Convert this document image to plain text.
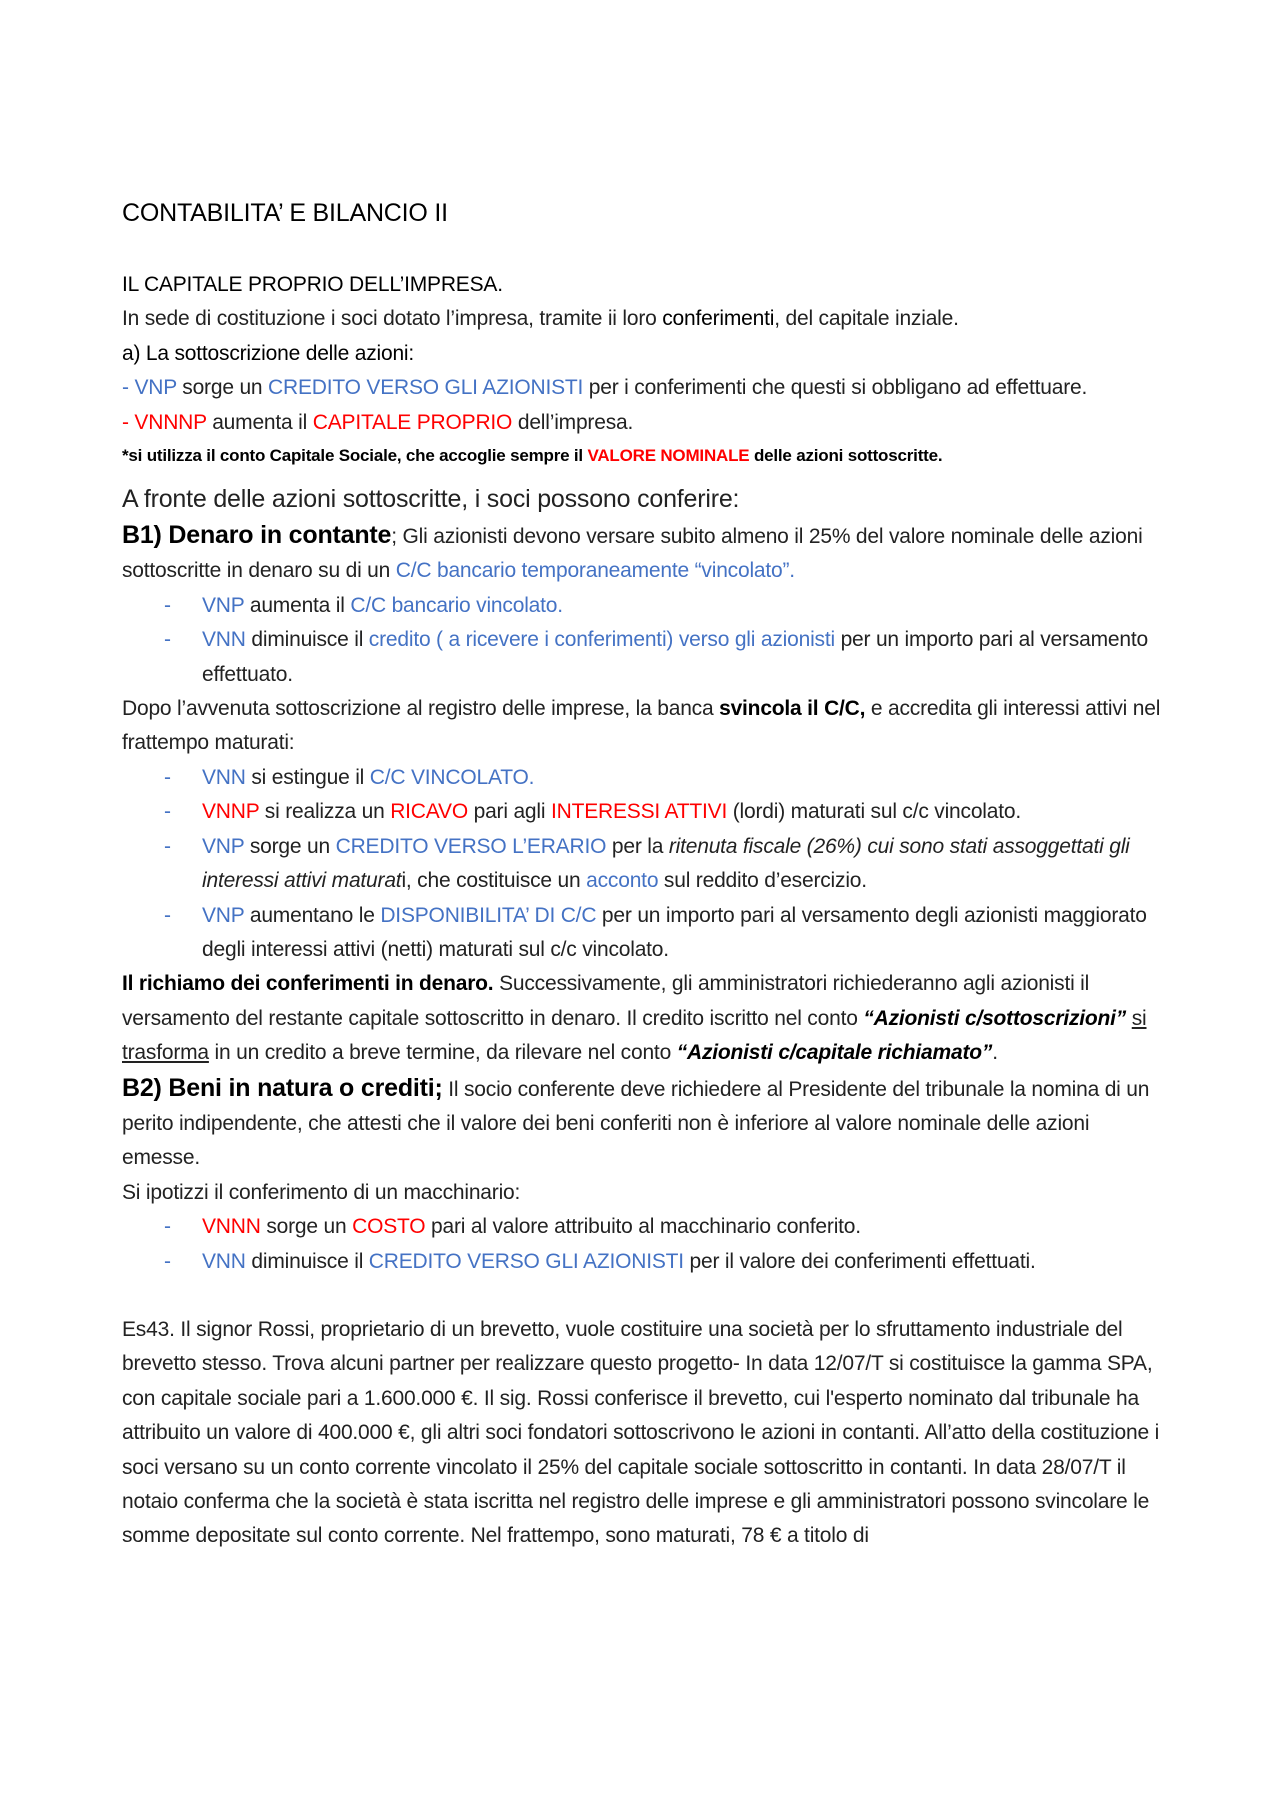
CONTABILITA’ E BILANCIO II

IL CAPITALE PROPRIO DELL’IMPRESA.

In sede di costituzione i soci dotato l’impresa, tramite ii loro conferimenti, del capitale inziale.

a) La sottoscrizione delle azioni:

- VNP sorge un CREDITO VERSO GLI AZIONISTI per i conferimenti che questi si obbligano ad effettuare.

- VNNNP aumenta il CAPITALE PROPRIO dell’impresa.

*si utilizza il conto Capitale Sociale, che accoglie sempre il VALORE NOMINALE delle azioni sottoscritte.

A fronte delle azioni sottoscritte, i soci possono conferire:

B1) Denaro in contante; Gli azionisti devono versare subito almeno il 25% del valore nominale delle azioni sottoscritte in denaro su di un C/C bancario temporaneamente “vincolato”.

- VNP aumenta il C/C bancario vincolato.
- VNN diminuisce il credito ( a ricevere i conferimenti) verso gli azionisti per un importo pari al versamento effettuato.

Dopo l’avvenuta sottoscrizione al registro delle imprese, la banca svincola il C/C, e accredita gli interessi attivi nel frattempo maturati:

- VNN si estingue il C/C VINCOLATO.
- VNNP si realizza un RICAVO pari agli INTERESSI ATTIVI (lordi) maturati sul c/c vincolato.
- VNP sorge un CREDITO VERSO L’ERARIO per la ritenuta fiscale (26%) cui sono stati assoggettati gli interessi attivi maturati, che costituisce un acconto sul reddito d’esercizio.
- VNP aumentano le DISPONIBILITA’ DI C/C per un importo pari al versamento degli azionisti maggiorato degli interessi attivi (netti) maturati sul c/c vincolato.

Il richiamo dei conferimenti in denaro. Successivamente, gli amministratori richiederanno agli azionisti il versamento del restante capitale sottoscritto in denaro. Il credito iscritto nel conto “Azionisti c/sottoscrizioni” si trasforma in un credito a breve termine, da rilevare nel conto “Azionisti c/capitale richiamato”.

B2) Beni in natura o crediti; Il socio conferente deve richiedere al Presidente del tribunale la nomina di un perito indipendente, che attesti che il valore dei beni conferiti non è inferiore al valore nominale delle azioni emesse.

Si ipotizzi il conferimento di un macchinario:

- VNNN sorge un COSTO pari al valore attribuito al macchinario conferito.
- VNN diminuisce il CREDITO VERSO GLI AZIONISTI per il valore dei conferimenti effettuati.

Es43. Il signor Rossi, proprietario di un brevetto, vuole costituire una società per lo sfruttamento industriale del brevetto stesso. Trova alcuni partner per realizzare questo progetto- In data 12/07/T si costituisce la gamma SPA, con capitale sociale pari a 1.600.000 €. Il sig. Rossi conferisce il brevetto, cui l'esperto nominato dal tribunale ha attribuito un valore di 400.000 €, gli altri soci fondatori sottoscrivono le azioni in contanti. All’atto della costituzione i soci versano su un conto corrente vincolato il 25% del capitale sociale sottoscritto in contanti. In data 28/07/T il notaio conferma che la società è stata iscritta nel registro delle imprese e gli amministratori possono svincolare le somme depositate sul conto corrente. Nel frattempo, sono maturati, 78 € a titolo di
